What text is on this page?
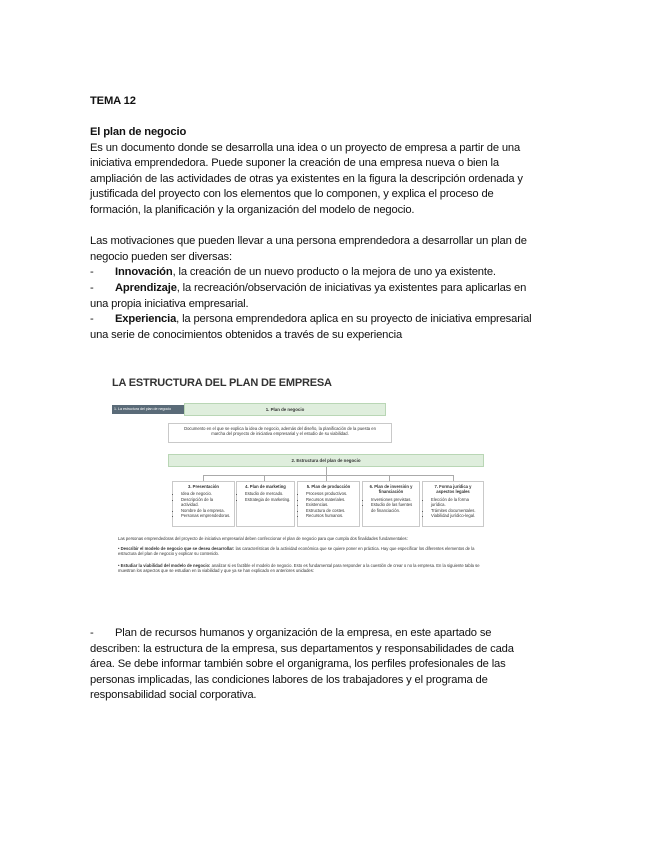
TEMA 12
El plan de negocio
Es un documento donde se desarrolla una idea o un proyecto de empresa a partir de una
iniciativa emprendedora. Puede suponer la creación de una empresa nueva o bien la
ampliación de las actividades de otras ya existentes en la figura la descripción ordenada y
justificada del proyecto con los elementos que lo componen, y explica el proceso de
formación, la planificación y la organización del modelo de negocio.
Las motivaciones que pueden llevar a una persona emprendedora a desarrollar un plan de
negocio pueden ser diversas:
- Innovación, la creación de un nuevo producto o la mejora de uno ya existente.
- Aprendizaje, la recreación/observación de iniciativas ya existentes para aplicarlas en
una propia iniciativa empresarial.
- Experiencia, la persona emprendedora aplica en su proyecto de iniciativa empresarial
una serie de conocimientos obtenidos a través de su experiencia
LA ESTRUCTURA DEL PLAN DE EMPRESA
1. La estructura del plan de negocio	1. Plan de negocio
Documento en el que se explica la idea de negocio, además del diseño, la planificación de la puesta en marcha del proyecto de iniciativa empresarial y el estudio de su viabilidad.
2. Estructura del plan de negocio
3. Presentación
• Idea de negocio.
• Descripción de la actividad.
• Nombre de la empresa.
• Personas emprendedoras.
4. Plan de marketing
• Estudio de mercado.
• Estrategia de marketing.
5. Plan de producción
• Procesos productivos.
• Recursos materiales.
• Existencias.
• Estructura de costes.
• Recursos humanos.
6. Plan de inversión y financiación
• Inversiones previstas.
• Estudio de las fuentes de financiación.
7. Forma jurídica y aspectos legales
• Elección de la forma jurídica.
• Trámites documentales.
• Viabilidad jurídico-legal.
Las personas emprendedoras del proyecto de iniciativa empresarial deben confeccionar el plan de negocio para que cumpla dos finalidades fundamentales:
• Describir el modelo de negocio que se desea desarrollar: las características de la actividad económica que se quiere poner en práctica. Hay que especificar los diferentes elementos de la estructura del plan de negocio y explicar su contenido.
• Estudiar la viabilidad del modelo de negocio: analizar si es factible el modelo de negocio. Esto es fundamental para responder a la cuestión de crear o no la empresa. En la siguiente tabla se muestran los aspectos que se estudian en la viabilidad y que ya se han explicado en anteriores unidades:
- Plan de recursos humanos y organización de la empresa, en este apartado se
describen: la estructura de la empresa, sus departamentos y responsabilidades de cada
área. Se debe informar también sobre el organigrama, los perfiles profesionales de las
personas implicadas, las condiciones labores de los trabajadores y el programa de
responsabilidad social corporativa.
